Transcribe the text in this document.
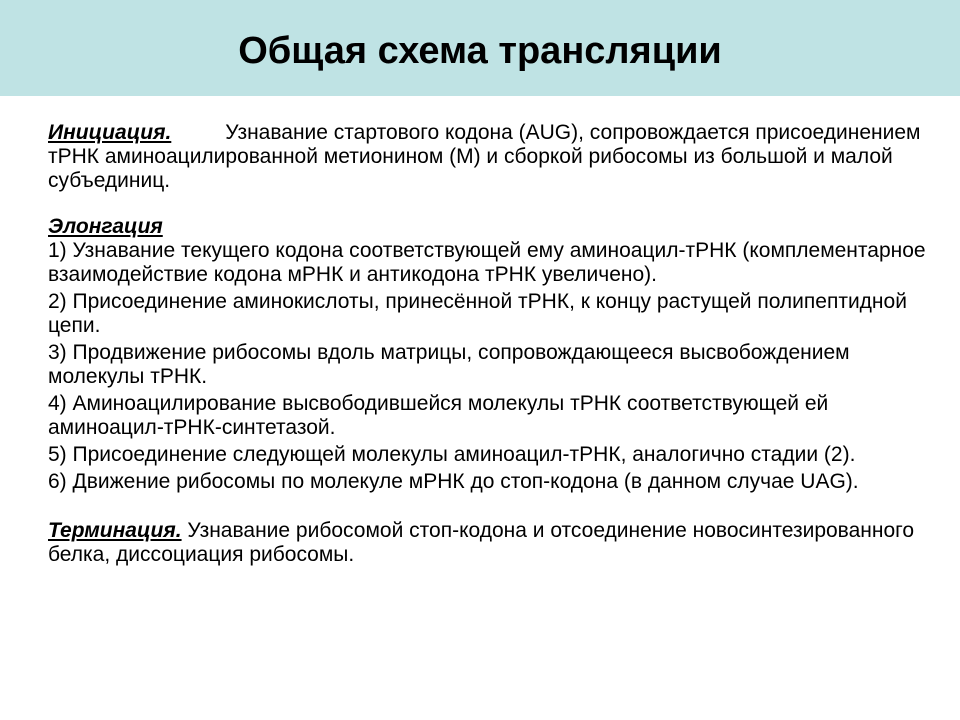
Общая схема трансляции

Инициация.	Узнавание стартового кодона (AUG), сопровождается присоединением тРНК аминоацилированной метионином (М) и сборкой рибосомы из большой и малой субъединиц.

Элонгация

1) Узнавание текущего кодона соответствующей ему аминоацил-тРНК (комплементарное взаимодействие кодона мРНК и антикодона тРНК увеличено).
2) Присоединение аминокислоты, принесённой тРНК, к концу растущей полипептидной цепи.
3) Продвижение рибосомы вдоль матрицы, сопровождающееся высвобождением молекулы тРНК.
4) Аминоацилирование высвободившейся молекулы тРНК соответствующей ей аминоацил-тРНК-синтетазой.
5) Присоединение следующей молекулы аминоацил-тРНК, аналогично стадии (2).
6) Движение рибосомы по молекуле мРНК до стоп-кодона (в данном случае UAG).

Терминация. Узнавание рибосомой стоп-кодона и отсоединение новосинтезированного белка, диссоциация рибосомы.
